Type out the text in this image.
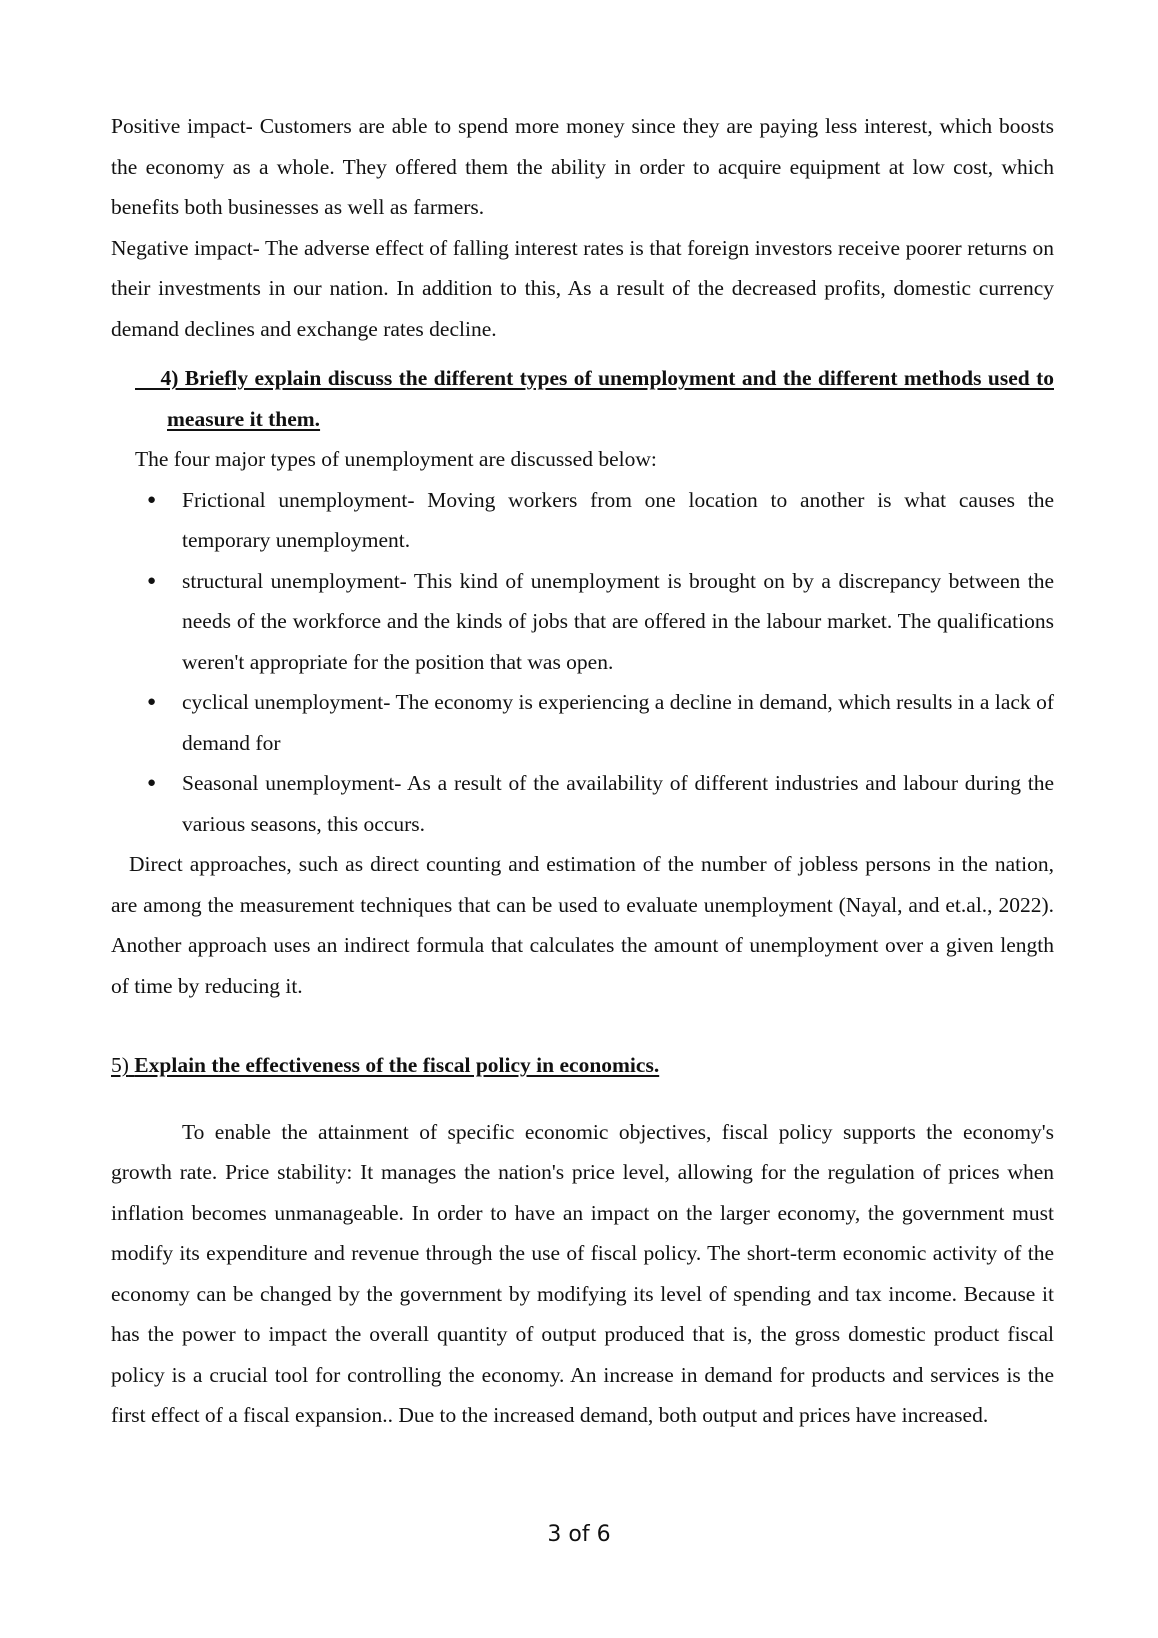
Positive impact- Customers are able to spend more money since they are paying less interest, which boosts the economy as a whole. They offered them the ability in order to acquire equipment at low cost, which benefits both businesses as well as farmers.

Negative impact- The adverse effect of falling interest rates is that foreign investors receive poorer returns on their investments in our nation. In addition to this, As a result of the decreased profits, domestic currency demand declines and exchange rates decline.

4) Briefly explain discuss the different types of unemployment and the different methods used to measure it them.

The four major types of unemployment are discussed below:

● Frictional unemployment- Moving workers from one location to another is what causes the temporary unemployment.
● structural unemployment- This kind of unemployment is brought on by a discrepancy between the needs of the workforce and the kinds of jobs that are offered in the labour market. The qualifications weren't appropriate for the position that was open.
● cyclical unemployment- The economy is experiencing a decline in demand, which results in a lack of demand for
● Seasonal unemployment- As a result of the availability of different industries and labour during the various seasons, this occurs.

Direct approaches, such as direct counting and estimation of the number of jobless persons in the nation, are among the measurement techniques that can be used to evaluate unemployment (Nayal, and et.al., 2022). Another approach uses an indirect formula that calculates the amount of unemployment over a given length of time by reducing it.

5) Explain the effectiveness of the fiscal policy in economics.

To enable the attainment of specific economic objectives, fiscal policy supports the economy's growth rate. Price stability: It manages the nation's price level, allowing for the regulation of prices when inflation becomes unmanageable. In order to have an impact on the larger economy, the government must modify its expenditure and revenue through the use of fiscal policy. The short-term economic activity of the economy can be changed by the government by modifying its level of spending and tax income. Because it has the power to impact the overall quantity of output produced that is, the gross domestic product fiscal policy is a crucial tool for controlling the economy. An increase in demand for products and services is the first effect of a fiscal expansion.. Due to the increased demand, both output and prices have increased.

3 of 6
